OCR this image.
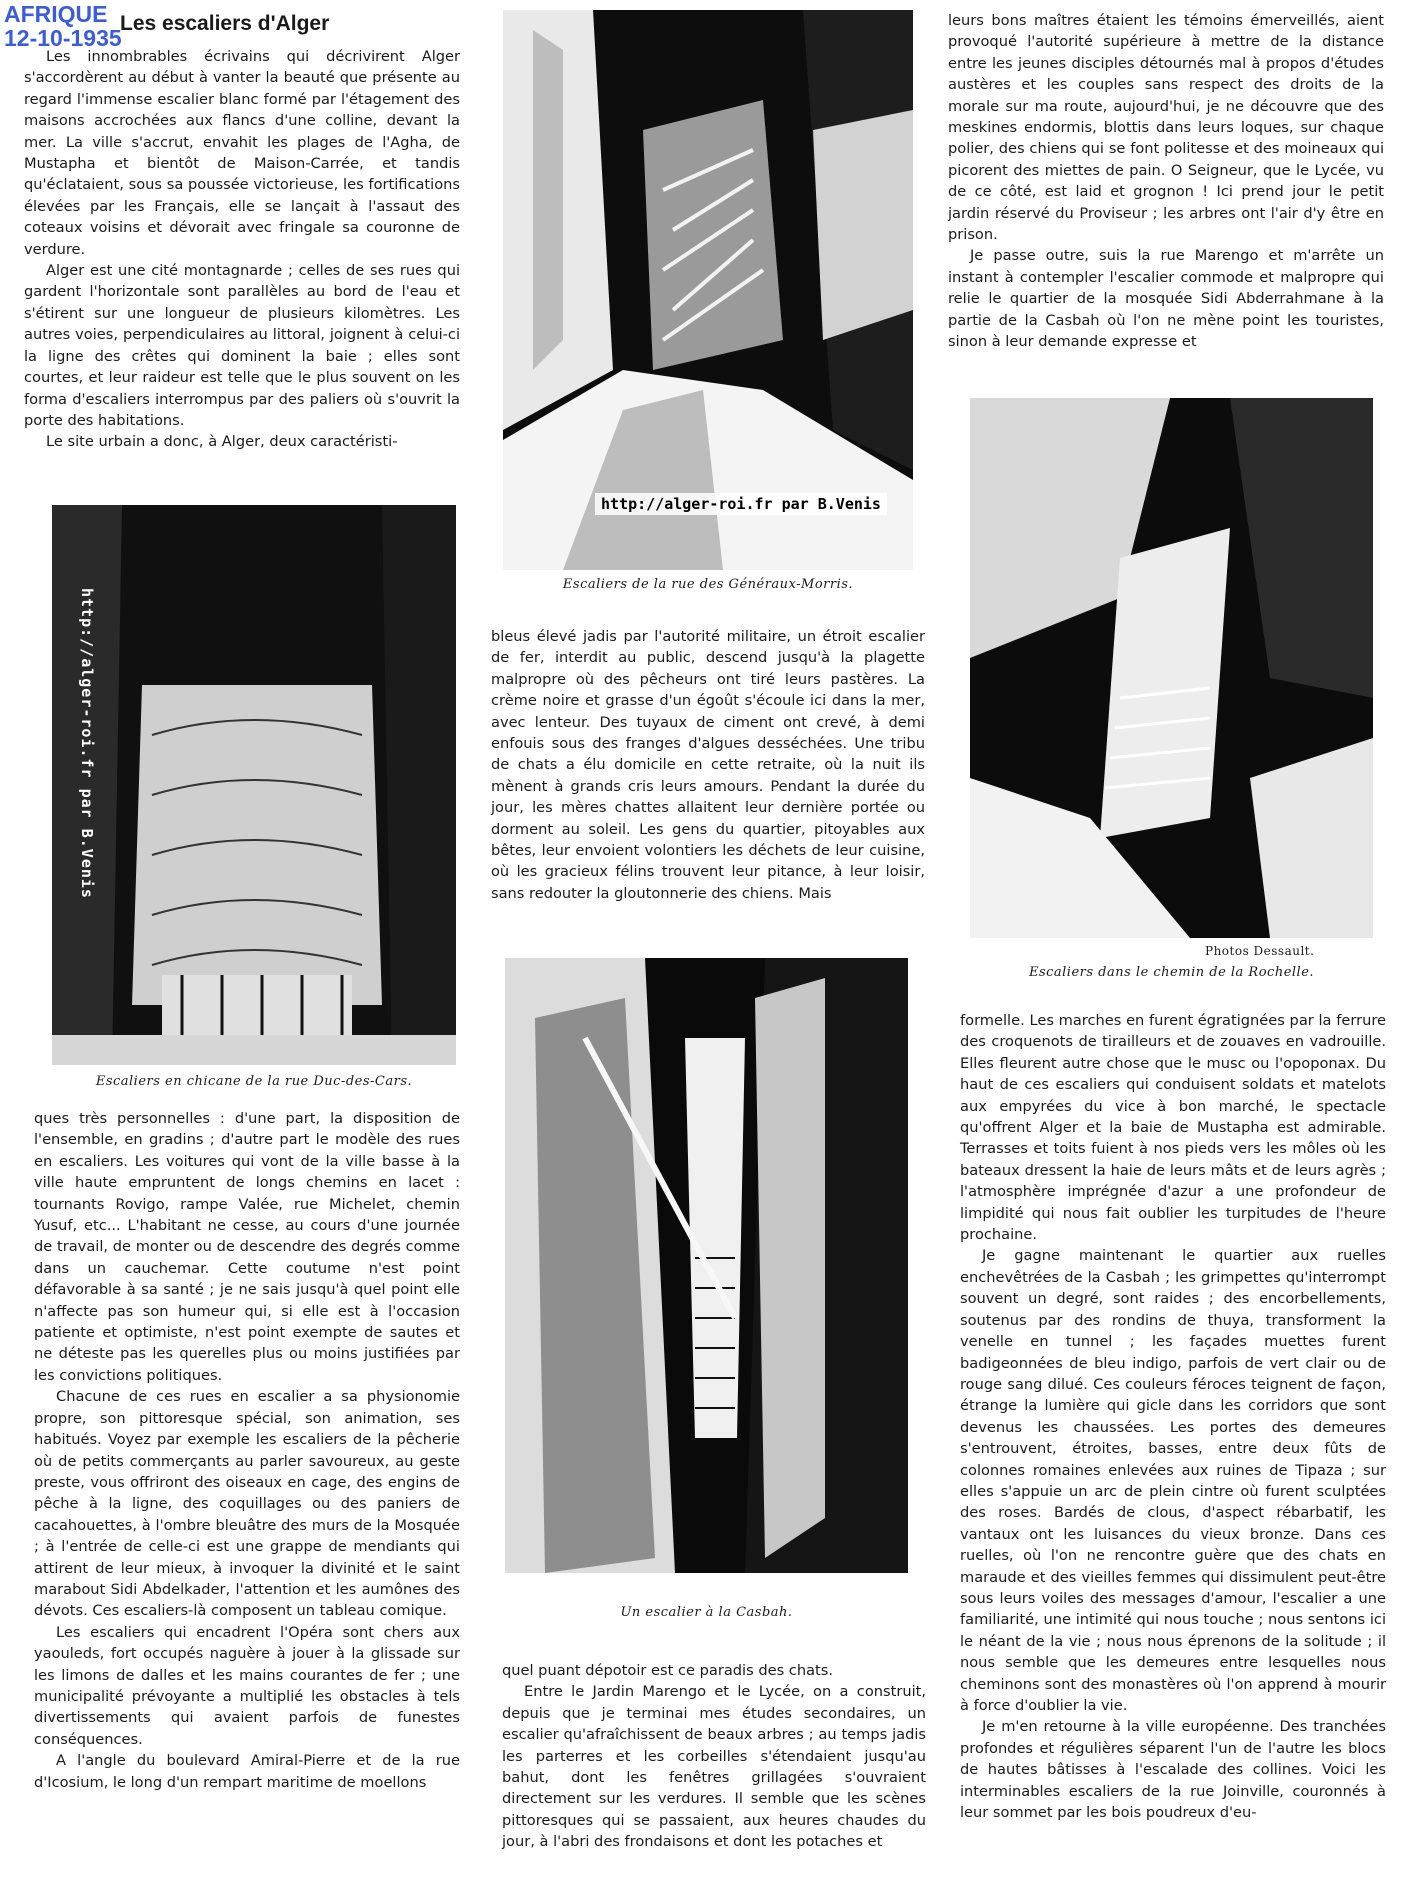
AFRIQUE
12-10-1935
Les escaliers d'Alger

Les innombrables écrivains qui décrivirent Alger s'accordèrent au début à vanter la beauté que présente au regard l'immense escalier blanc formé par l'étagement des maisons accrochées aux flancs d'une colline, devant la mer. La ville s'accrut, envahit les plages de l'Agha, de Mustapha et bientôt de Maison-Carrée, et tandis qu'éclataient, sous sa poussée victorieuse, les fortifications élevées par les Français, elle se lançait à l'assaut des coteaux voisins et dévorait avec fringale sa couronne de verdure.

Alger est une cité montagnarde ; celles de ses rues qui gardent l'horizontale sont parallèles au bord de l'eau et s'étirent sur une longueur de plusieurs kilomètres. Les autres voies, perpendiculaires au littoral, joignent à celui-ci la ligne des crêtes qui dominent la baie ; elles sont courtes, et leur raideur est telle que le plus souvent on les forma d'escaliers interrompus par des paliers où s'ouvrit la porte des habitations.

Le site urbain a donc, à Alger, deux caractéristi-

http://alger-roi.fr par B.Venis
Escaliers de la rue des Généraux-Morris.
http://alger-roi.fr par B.Venis
Escaliers en chicane de la rue Duc-des-Cars.

ques très personnelles : d'une part, la disposition de l'ensemble, en gradins ; d'autre part le modèle des rues en escaliers. Les voitures qui vont de la ville basse à la ville haute empruntent de longs chemins en lacet : tournants Rovigo, rampe Valée, rue Michelet, chemin Yusuf, etc... L'habitant ne cesse, au cours d'une journée de travail, de monter ou de descendre des degrés comme dans un cauchemar. Cette coutume n'est point défavorable à sa santé ; je ne sais jusqu'à quel point elle n'affecte pas son humeur qui, si elle est à l'occasion patiente et optimiste, n'est point exempte de sautes et ne déteste pas les querelles plus ou moins justifiées par les convictions politiques.

Chacune de ces rues en escalier a sa physionomie propre, son pittoresque spécial, son animation, ses habitués. Voyez par exemple les escaliers de la pêcherie où de petits commerçants au parler savoureux, au geste preste, vous offriront des oiseaux en cage, des engins de pêche à la ligne, des coquillages ou des paniers de cacahouettes, à l'ombre bleuâtre des murs de la Mosquée ; à l'entrée de celle-ci est une grappe de mendiants qui attirent de leur mieux, à invoquer la divinité et le saint marabout Sidi Abdelkader, l'attention et les aumônes des dévots. Ces escaliers-là composent un tableau comique.

Les escaliers qui encadrent l'Opéra sont chers aux yaouleds, fort occupés naguère à jouer à la glissade sur les limons de dalles et les mains courantes de fer ; une municipalité prévoyante a multiplié les obstacles à tels divertissements qui avaient parfois de funestes conséquences.

A l'angle du boulevard Amiral-Pierre et de la rue d'Icosium, le long d'un rempart maritime de moellons

bleus élevé jadis par l'autorité militaire, un étroit escalier de fer, interdit au public, descend jusqu'à la plagette malpropre où des pêcheurs ont tiré leurs pastères. La crème noire et grasse d'un égoût s'écoule ici dans la mer, avec lenteur. Des tuyaux de ciment ont crevé, à demi enfouis sous des franges d'algues desséchées. Une tribu de chats a élu domicile en cette retraite, où la nuit ils mènent à grands cris leurs amours. Pendant la durée du jour, les mères chattes allaitent leur dernière portée ou dorment au soleil. Les gens du quartier, pitoyables aux bêtes, leur envoient volontiers les déchets de leur cuisine, où les gracieux félins trouvent leur pitance, à leur loisir, sans redouter la gloutonnerie des chiens. Mais

Un escalier à la Casbah.

quel puant dépotoir est ce paradis des chats.

Entre le Jardin Marengo et le Lycée, on a construit, depuis que je terminai mes études secondaires, un escalier qu'afraîchissent de beaux arbres ; au temps jadis les parterres et les corbeilles s'étendaient jusqu'au bahut, dont les fenêtres grillagées s'ouvraient directement sur les verdures. Il semble que les scènes pittoresques qui se passaient, aux heures chaudes du jour, à l'abri des frondaisons et dont les potaches et

leurs bons maîtres étaient les témoins émerveillés, aient provoqué l'autorité supérieure à mettre de la distance entre les jeunes disciples détournés mal à propos d'études austères et les couples sans respect des droits de la morale sur ma route, aujourd'hui, je ne découvre que des meskines endormis, blottis dans leurs loques, sur chaque polier, des chiens qui se font politesse et des moineaux qui picorent des miettes de pain. O Seigneur, que le Lycée, vu de ce côté, est laid et grognon ! Ici prend jour le petit jardin réservé du Proviseur ; les arbres ont l'air d'y être en prison.

Je passe outre, suis la rue Marengo et m'arrête un instant à contempler l'escalier commode et malpropre qui relie le quartier de la mosquée Sidi Abderrahmane à la partie de la Casbah où l'on ne mène point les touristes, sinon à leur demande expresse et

Photos Dessault.
Escaliers dans le chemin de la Rochelle.

formelle. Les marches en furent égratignées par la ferrure des croquenots de tirailleurs et de zouaves en vadrouille. Elles fleurent autre chose que le musc ou l'opoponax. Du haut de ces escaliers qui conduisent soldats et matelots aux empyrées du vice à bon marché, le spectacle qu'offrent Alger et la baie de Mustapha est admirable. Terrasses et toits fuient à nos pieds vers les môles où les bateaux dressent la haie de leurs mâts et de leurs agrès ; l'atmosphère imprégnée d'azur a une profondeur de limpidité qui nous fait oublier les turpitudes de l'heure prochaine.

Je gagne maintenant le quartier aux ruelles enchevêtrées de la Casbah ; les grimpettes qu'interrompt souvent un degré, sont raides ; des encorbellements, soutenus par des rondins de thuya, transforment la venelle en tunnel ; les façades muettes furent badigeonnées de bleu indigo, parfois de vert clair ou de rouge sang dilué. Ces couleurs féroces teignent de façon, étrange la lumière qui gicle dans les corridors que sont devenus les chaussées. Les portes des demeures s'entrouvent, étroites, basses, entre deux fûts de colonnes romaines enlevées aux ruines de Tipaza ; sur elles s'appuie un arc de plein cintre où furent sculptées des roses. Bardés de clous, d'aspect rébarbatif, les vantaux ont les luisances du vieux bronze. Dans ces ruelles, où l'on ne rencontre guère que des chats en maraude et des vieilles femmes qui dissimulent peut-être sous leurs voiles des messages d'amour, l'escalier a une familiarité, une intimité qui nous touche ; nous sentons ici le néant de la vie ; nous nous éprenons de la solitude ; il nous semble que les demeures entre lesquelles nous cheminons sont des monastères où l'on apprend à mourir à force d'oublier la vie.

Je m'en retourne à la ville européenne. Des tranchées profondes et régulières séparent l'un de l'autre les blocs de hautes bâtisses à l'escalade des collines. Voici les interminables escaliers de la rue Joinville, couronnés à leur sommet par les bois poudreux d'eu-
